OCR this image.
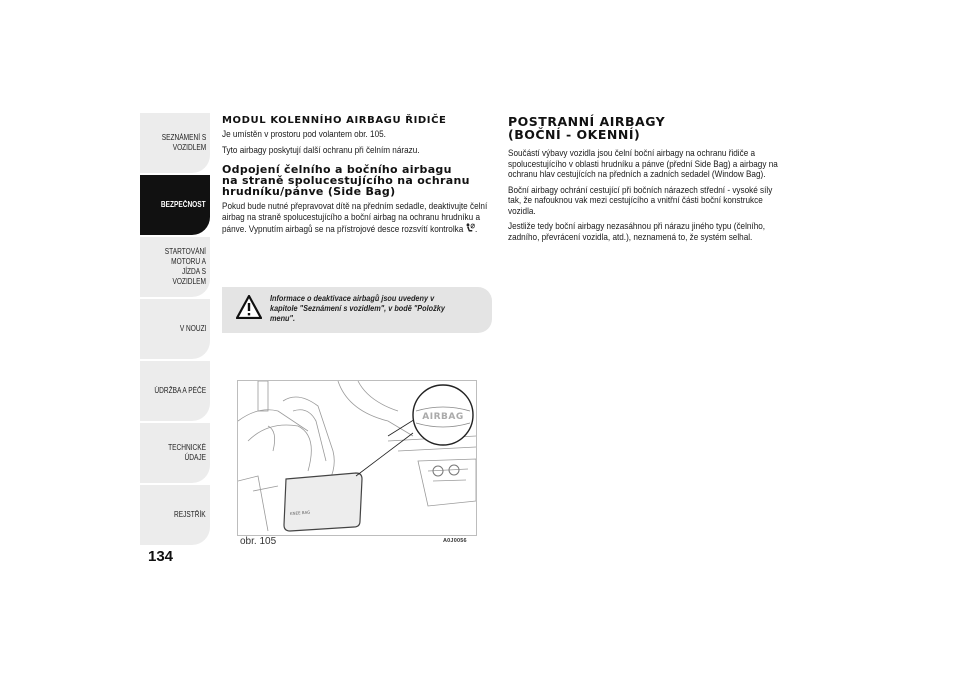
SEZNÁMENÍ S
VOZIDLEM
BEZPEČNOST
STARTOVÁNÍ
MOTORU A JÍZDA S
VOZIDLEM
V NOUZI
ÚDRŽBA A PÉČE
TECHNICKÉ ÚDAJE
REJSTŘÍK
134
MODUL KOLENNÍHO AIRBAGU ŘIDIČE

Je umístěn v prostoru pod volantem obr. 105.

Tyto airbagy poskytují další ochranu při čelním nárazu.

Odpojení čelního a bočního airbagu
na straně spolucestujícího na ochranu
hrudníku/pánve (Side Bag)

Pokud bude nutné přepravovat dítě na předním sedadle, deaktivujte čelní airbag na straně spolucestujícího a boční airbag na ochranu hrudníku a pánve. Vypnutím airbagů se na přístrojové desce rozsvítí kontrolka .

Informace o deaktivace airbagů jsou uvedeny v kapitole "Seznámení s vozidlem", v bodě "Položky menu".
KNEE BAG
AIRBAG
obr. 105	A0J0056
POSTRANNÍ AIRBAGY
(BOČNÍ - OKENNÍ)

Součástí výbavy vozidla jsou čelní boční airbagy na ochranu řidiče a spolucestujícího v oblasti hrudníku a pánve (přední Side Bag) a airbagy na ochranu hlav cestujících na předních a zadních sedadel (Window Bag).

Boční airbagy ochrání cestující při bočních nárazech střední - vysoké síly tak, že nafouknou vak mezi cestujícího a vnitřní části boční konstrukce vozidla.

Jestliže tedy boční airbagy nezasáhnou při nárazu jiného typu (čelního, zadního, převrácení vozidla, atd.), neznamená to, že systém selhal.
